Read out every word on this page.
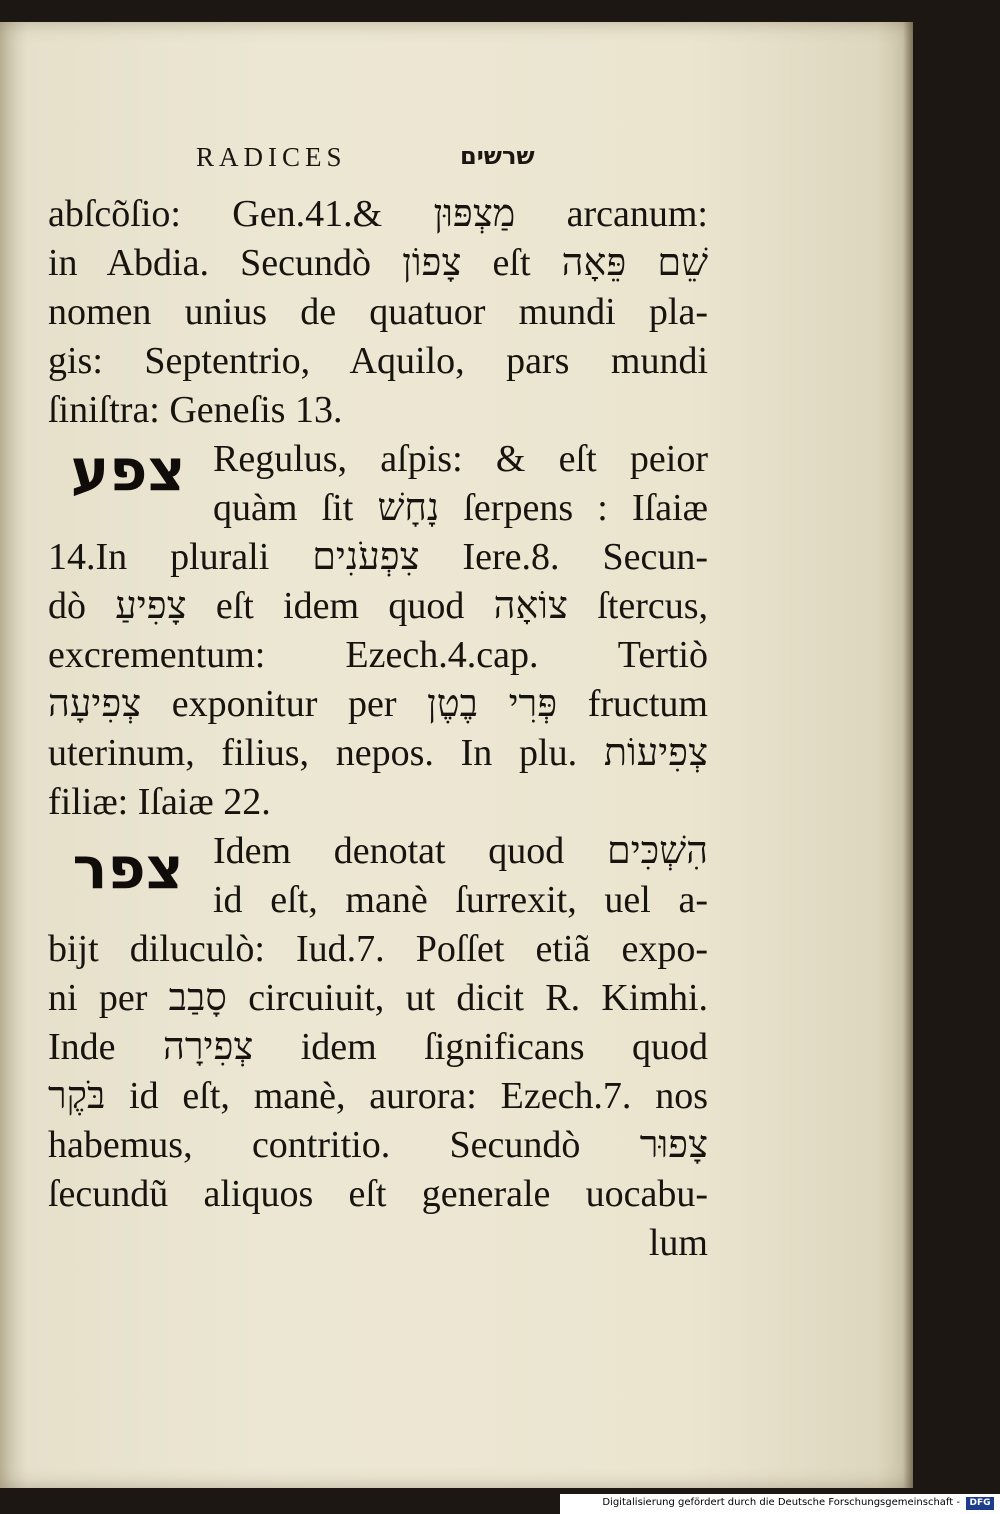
RADICES	שרשים
צפע
צפר
abſcõſio: Gen.41.& מַצְפּוּן arcanum:
in Abdia. Secundò צָפוֹן eſt שֵׁם פֵּאָה
nomen unius de quatuor mundi pla-
gis: Septentrio, Aquilo, pars mundi
ſiniſtra: Geneſis 13.
Regulus, aſpis: & eſt peior
quàm ſit נָחָשׁ ſerpens : Iſaiæ
14.In plurali צִפְעֹנִים Iere.8. Secun-
dò צָפִיעַ eſt idem quod צוֹאָה ſtercus,
excrementum: Ezech.4.cap. Tertiò
צְפִיעָה exponitur per פְּרִי בֶטֶן fructum
uterinum, filius, nepos. In plu. צְפִיעוֹת
filiæ: Iſaiæ 22.
Idem denotat quod הִשְׁכִּים
id eſt, manè ſurrexit, uel a-
bijt diluculò: Iud.7. Poſſet etiã expo-
ni per סָבַב circuiuit, ut dicit R. Kimhi.
Inde צְפִירָה idem ſignificans quod
בֹּקֶר id eſt, manè, aurora: Ezech.7. nos
habemus, contritio. Secundò צָפוּר
ſecundũ aliquos eſt generale uocabu-
lum
Digitalisierung gefördert durch die Deutsche Forschungsgemeinschaft -	DFG
